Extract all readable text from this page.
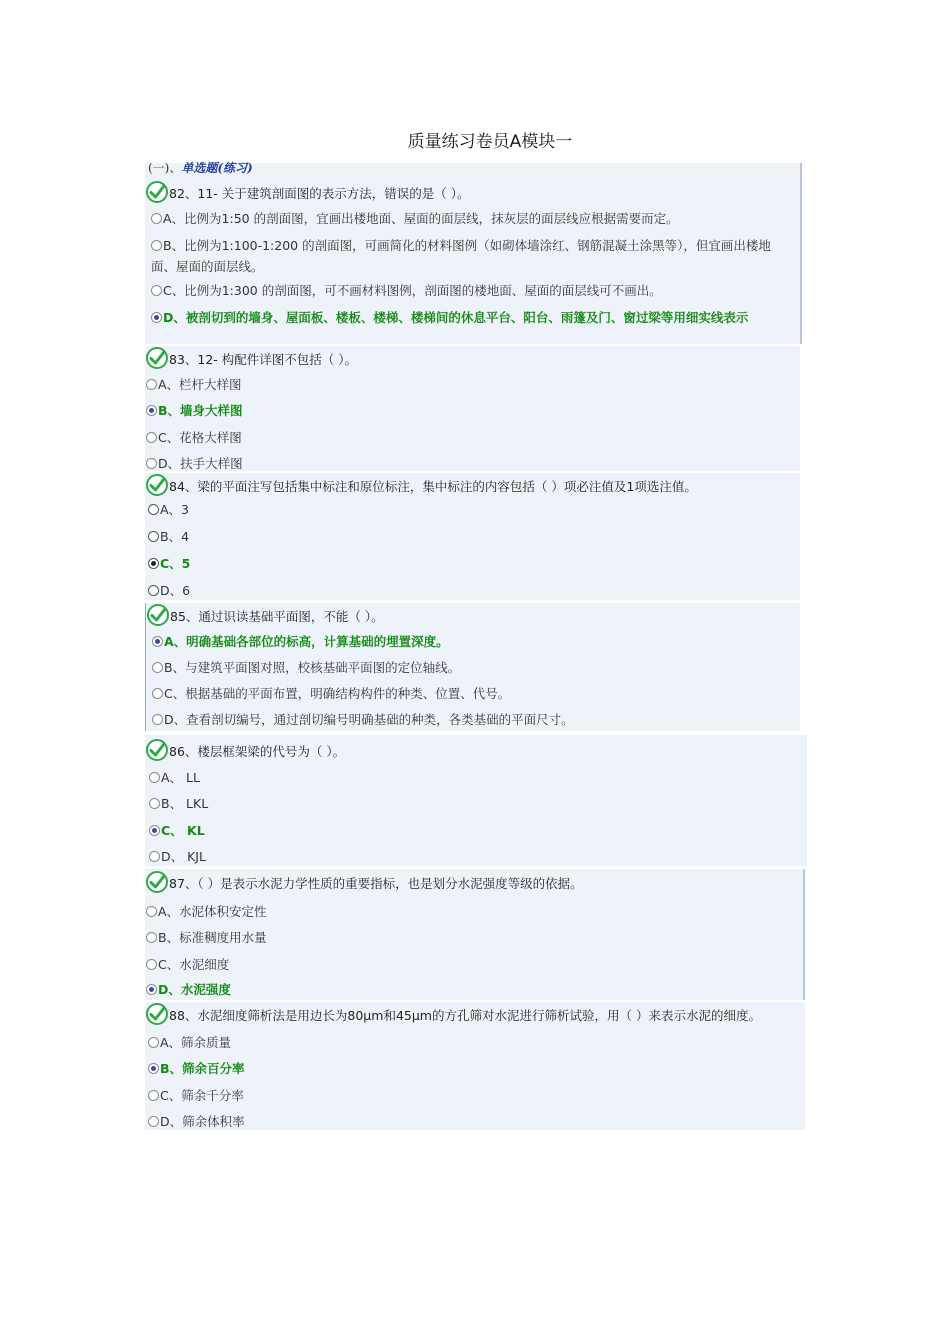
质量练习卷员A模块一
(一)、单选题(练习)
82、11- 关于建筑剖面图的表示方法，错误的是（ ）。
A、比例为1:50 的剖面图，宜画出楼地面、屋面的面层线，抹灰层的面层线应根据需要而定。
B、比例为1:100-1:200 的剖面图，可画简化的材料图例（如砌体墙涂红、钢筋混凝土涂黑等），但宜画出楼地面、屋面的面层线。
C、比例为1:300 的剖面图，可不画材料图例，剖面图的楼地面、屋面的面层线可不画出。
D、被剖切到的墙身、屋面板、楼板、楼梯、楼梯间的休息平台、阳台、雨篷及门、窗过梁等用细实线表示
83、12- 构配件详图不包括（ ）。
A、栏杆大样图
B、墙身大样图
C、花格大样图
D、扶手大样图
84、梁的平面注写包括集中标注和原位标注，集中标注的内容包括（ ）项必注值及1项选注值。
A、3
B、4
C、5
D、6
85、通过识读基础平面图，不能（ ）。
A、明确基础各部位的标高，计算基础的埋置深度。
B、与建筑平面图对照，校核基础平面图的定位轴线。
C、根据基础的平面布置，明确结构构件的种类、位置、代号。
D、查看剖切编号，通过剖切编号明确基础的种类，各类基础的平面尺寸。
86、楼层框架梁的代号为（ ）。
A、 LL
B、 LKL
C、 KL
D、 KJL
87、（ ）是表示水泥力学性质的重要指标，也是划分水泥强度等级的依据。
A、水泥体积安定性
B、标准稠度用水量
C、水泥细度
D、水泥强度
88、水泥细度筛析法是用边长为80μm和45μm的方孔筛对水泥进行筛析试验，用（ ）来表示水泥的细度。
A、筛余质量
B、筛余百分率
C、筛余千分率
D、筛余体积率
